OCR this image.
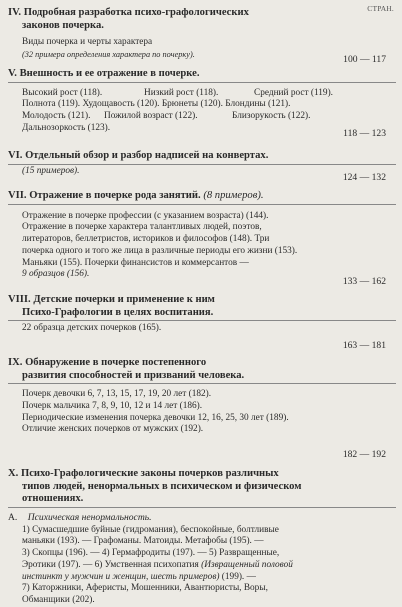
СТРАН.
IV. Подробная разработка психо-графологических
законов почерка.
Виды почерка и черты характера
(32 примера определения характера по почерку).	100 — 117
V. Внешность и ее отражение в почерке.
Высокий рост (118).	Низкий рост (118).	Средний рост (119).
Полнота (119). Худощавость (120). Брюнеты (120). Блондины (121).
Молодость (121).	Пожилой возраст (122).	Близорукость (122).
Дальнозоркость (123).
118 — 123
VI. Отдельный обзор и разбор надписей на конвертах.
(15 примеров).
124 — 132
VII. Отражение в почерке рода занятий. (8 примеров).
Отражение в почерке профессии (с указанием возраста) (144).
Отражение в почерке характера талантливых людей, поэтов,
литераторов, беллетристов, историков и философов (148). Три
почерка одного и того же лица в различные периоды его жизни (153).
Маньяки (155). Почерки финансистов и коммерсантов —
9 образцов (156).
133 — 162
VIII. Детские почерки и применение к ним
Психо-Графологии в целях воспитания.
22 образца детских почерков (165).
163 — 181
IX. Обнаружение в почерке постепенного
развития способностей и призваний человека.
Почерк девочки 6, 7, 13, 15, 17, 19, 20 лет (182).
Почерк мальчика 7, 8, 9, 10, 12 и 14 лет (186).
Периодические изменения почерка девочки 12, 16, 25, 30 лет (189).
Отличие женских почерков от мужских (192).
182 — 192
X. Психо-Графологические законы почерков различных
типов людей, ненормальных в психическом и физическом
отношениях.
А. Психическая ненормальность.
1) Сумасшедшие буйные (гидромания), беспокойные, болтливые
маньяки (193). — Графоманы. Матоиды. Метафобы (195). —
3) Скопцы (196). — 4) Гермафродиты (197). — 5) Развращенные,
Эротики (197). — 6) Умственная психопатия (Извращенный половой
инстинкт у мужчин и женщин, шесть примеров) (199). —
7) Каторжники, Аферисты, Мошенники, Авантюристы, Воры,
Обманщики (202).
